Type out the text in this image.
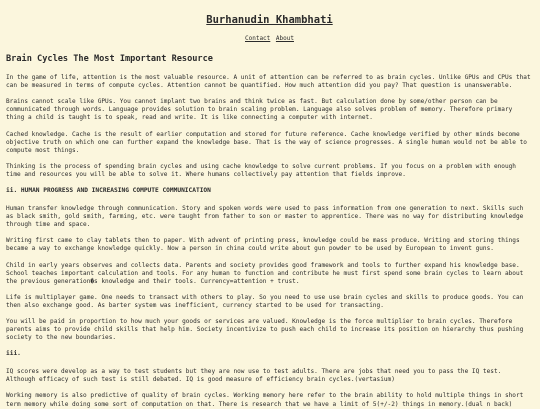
Burhanudin Khambhati
Contact About
Brain Cycles The Most Important Resource

In the game of life, attention is the most valuable resource. A unit of attention can be referred to as brain cycles. Unlike GPUs and CPUs that can be measured in terms of compute cycles. Attention cannot be quantified. How much attention did you pay? That question is unanswerable.

Brains cannot scale like GPUs. You cannot implant two brains and think twice as fast. But calculation done by some/other person can be communicated through words. Language provides solution to brain scaling problem. Language also solves problem of memory. Therefore primary thing a child is taught is to speak, read and write. It is like connecting a computer with internet.

Cached knowledge. Cache is the result of earlier computation and stored for future reference. Cache knowledge verified by other minds become objective truth on which one can further expand the knowledge base. That is the way of science progresses. A single human would not be able to compute most things.

Thinking is the process of spending brain cycles and using cache knowledge to solve current problems. If you focus on a problem with enough time and resources you will be able to solve it. Where humans collectively pay attention that fields improve.

ii. HUMAN PROGRESS AND INCREASING COMPUTE COMMUNICATION

Human transfer knowledge through communication. Story and spoken words were used to pass information from one generation to next. Skills such as black smith, gold smith, farming, etc. were taught from father to son or master to apprentice. There was no way for distributing knowledge through time and space.

Writing first came to clay tablets then to paper. With advent of printing press, knowledge could be mass produce. Writing and storing things became a way to exchange knowledge quickly. Now a person in china could write about gun powder to be used by European to invent guns.

Child in early years observes and collects data. Parents and society provides good framework and tools to further expand his knowledge base. School teaches important calculation and tools. For any human to function and contribute he must first spend some brain cycles to learn about the previous generation�s knowledge and their tools. Currency=attention + trust.

Life is multiplayer game. One needs to transact with others to play. So you need to use use brain cycles and skills to produce goods. You can then also exchange good. As barter system was inefficient, currency started to be used for transacting.

You will be paid in proportion to how much your goods or services are valued. Knowledge is the force multiplier to brain cycles. Therefore parents aims to provide child skills that help him. Society incentivize to push each child to increase its position on hierarchy thus pushing society to the new boundaries.

iii.

IQ scores were develop as a way to test students but they are now use to test adults. There are jobs that need you to pass the IQ test. Although efficacy of such test is still debated. IQ is good measure of efficiency brain cycles.(vertasium)

Working memory is also predictive of quality of brain cycles. Working memory here refer to the brain ability to hold multiple things in short term memory while doing some sort of computation on that. There is research that we have a limit of 5(+/-2) things in memory.(dual n back)
